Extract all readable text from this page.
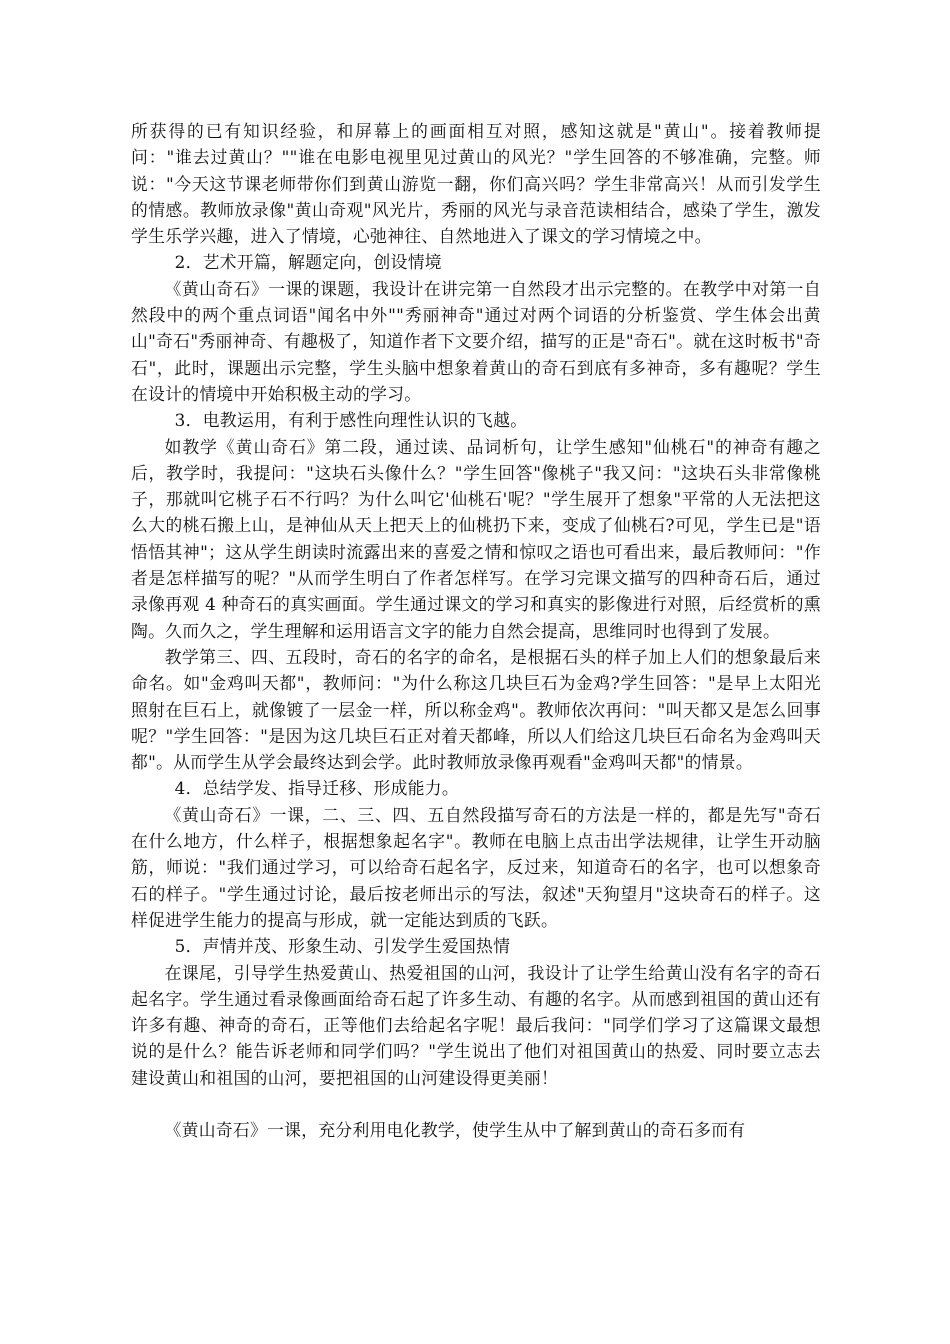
所获得的已有知识经验，和屏幕上的画面相互对照，感知这就是"黄山"。接着教师提问："谁去过黄山？""谁在电影电视里见过黄山的风光？"学生回答的不够准确，完整。师说："今天这节课老师带你们到黄山游览一翻，你们高兴吗？学生非常高兴！从而引发学生的情感。教师放录像"黄山奇观"风光片，秀丽的风光与录音范读相结合，感染了学生，激发学生乐学兴趣，进入了情境，心弛神往、自然地进入了课文的学习情境之中。

2．艺术开篇，解题定向，创设情境

《黄山奇石》一课的课题，我设计在讲完第一自然段才出示完整的。在教学中对第一自然段中的两个重点词语"闻名中外""秀丽神奇"通过对两个词语的分析鉴赏、学生体会出黄山"奇石"秀丽神奇、有趣极了，知道作者下文要介绍，描写的正是"奇石"。就在这时板书"奇石"，此时，课题出示完整，学生头脑中想象着黄山的奇石到底有多神奇，多有趣呢？学生在设计的情境中开始积极主动的学习。

3．电教运用，有利于感性向理性认识的飞越。

如教学《黄山奇石》第二段，通过读、品词析句，让学生感知"仙桃石"的神奇有趣之后，教学时，我提问："这块石头像什么？"学生回答"像桃子"我又问："这块石头非常像桃子，那就叫它桃子石不行吗？为什么叫它'仙桃石'呢？"学生展开了想象"平常的人无法把这么大的桃石搬上山，是神仙从天上把天上的仙桃扔下来，变成了仙桃石?可见，学生已是"语悟悟其神"；这从学生朗读时流露出来的喜爱之情和惊叹之语也可看出来，最后教师问："作者是怎样描写的呢？"从而学生明白了作者怎样写。在学习完课文描写的四种奇石后，通过录像再观 4 种奇石的真实画面。学生通过课文的学习和真实的影像进行对照，后经赏析的熏陶。久而久之，学生理解和运用语言文字的能力自然会提高，思维同时也得到了发展。

教学第三、四、五段时，奇石的名字的命名，是根据石头的样子加上人们的想象最后来命名。如"金鸡叫天都"，教师问："为什么称这几块巨石为金鸡?学生回答："是早上太阳光照射在巨石上，就像镀了一层金一样，所以称金鸡"。教师依次再问："叫天都又是怎么回事呢？"学生回答："是因为这几块巨石正对着天都峰，所以人们给这几块巨石命名为金鸡叫天都"。从而学生从学会最终达到会学。此时教师放录像再观看"金鸡叫天都"的情景。

4．总结学发、指导迁移、形成能力。

《黄山奇石》一课，二、三、四、五自然段描写奇石的方法是一样的，都是先写"奇石在什么地方，什么样子，根据想象起名字"。教师在电脑上点击出学法规律，让学生开动脑筋，师说："我们通过学习，可以给奇石起名字，反过来，知道奇石的名字，也可以想象奇石的样子。"学生通过讨论，最后按老师出示的写法，叙述"天狗望月"这块奇石的样子。这样促进学生能力的提高与形成，就一定能达到质的飞跃。

5．声情并茂、形象生动、引发学生爱国热情

在课尾，引导学生热爱黄山、热爱祖国的山河，我设计了让学生给黄山没有名字的奇石起名字。学生通过看录像画面给奇石起了许多生动、有趣的名字。从而感到祖国的黄山还有许多有趣、神奇的奇石，正等他们去给起名字呢！最后我问："同学们学习了这篇课文最想说的是什么？能告诉老师和同学们吗？"学生说出了他们对祖国黄山的热爱、同时要立志去建设黄山和祖国的山河，要把祖国的山河建设得更美丽！

《黄山奇石》一课，充分利用电化教学，使学生从中了解到黄山的奇石多而有
